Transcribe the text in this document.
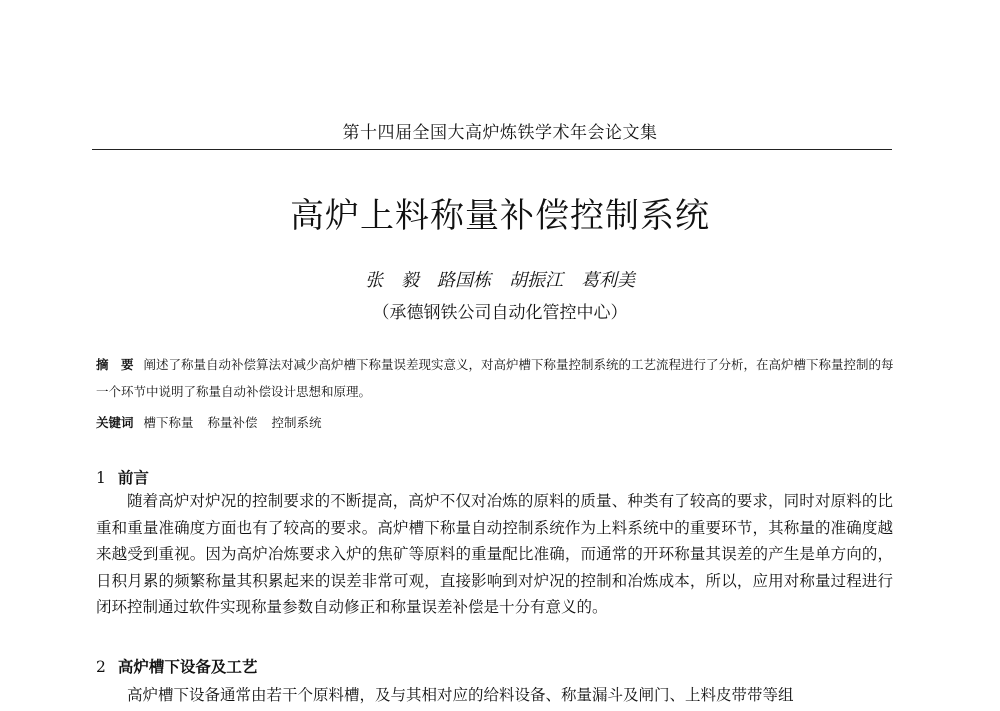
第十四届全国大高炉炼铁学术年会论文集
高炉上料称量补偿控制系统
张　毅　路国栋　胡振江　葛利美
（承德钢铁公司自动化管控中心）
摘　要 阐述了称量自动补偿算法对减少高炉槽下称量误差现实意义，对高炉槽下称量控制系统的工艺流程进行了分析，在高炉槽下称量控制的每一个环节中说明了称量自动补偿设计思想和原理。
关键词 槽下称量 称量补偿 控制系统
1 前言
随着高炉对炉况的控制要求的不断提高，高炉不仅对冶炼的原料的质量、种类有了较高的要求，同时对原料的比重和重量准确度方面也有了较高的要求。高炉槽下称量自动控制系统作为上料系统中的重要环节，其称量的准确度越来越受到重视。因为高炉冶炼要求入炉的焦矿等原料的重量配比准确，而通常的开环称量其误差的产生是单方向的，日积月累的频繁称量其积累起来的误差非常可观，直接影响到对炉况的控制和冶炼成本，所以，应用对称量过程进行闭环控制通过软件实现称量参数自动修正和称量误差补偿是十分有意义的。
2 高炉槽下设备及工艺
高炉槽下设备通常由若干个原料槽，及与其相对应的给料设备、称量漏斗及闸门、上料皮带带等组
